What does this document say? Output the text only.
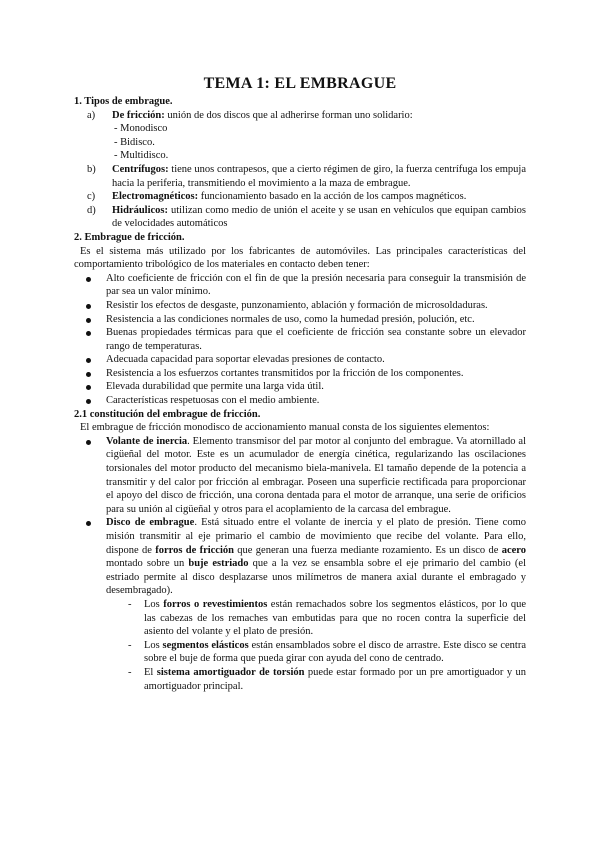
TEMA 1: EL EMBRAGUE

1. Tipos de embrague.

a) De fricción: unión de dos discos que al adherirse forman uno solidario:

- Monodisco

- Bidisco.

- Multidisco.

b) Centrífugos: tiene unos contrapesos, que a cierto régimen de giro, la fuerza centrífuga los empuja hacia la periferia, transmitiendo el movimiento a la maza de embrague.

c) Electromagnéticos: funcionamiento basado en la acción de los campos magnéticos.

d) Hidráulicos: utilizan como medio de unión el aceite y se usan en vehículos que equipan cambios de velocidades automáticos

2. Embrague de fricción.

Es el sistema más utilizado por los fabricantes de automóviles. Las principales características del comportamiento tribológico de los materiales en contacto deben tener:

Alto coeficiente de fricción con el fin de que la presión necesaria para conseguir la transmisión de par sea un valor mínimo.

Resistir los efectos de desgaste, punzonamiento, ablación y formación de microsoldaduras.

Resistencia a las condiciones normales de uso, como la humedad presión, polución, etc.

Buenas propiedades térmicas para que el coeficiente de fricción sea constante sobre un elevador rango de temperaturas.

Adecuada capacidad para soportar elevadas presiones de contacto.

Resistencia a los esfuerzos cortantes transmitidos por la fricción de los componentes.

Elevada durabilidad que permite una larga vida útil.

Características respetuosas con el medio ambiente.

2.1 constitución del embrague de fricción.

El embrague de fricción monodisco de accionamiento manual consta de los siguientes elementos:

Volante de inercia. Elemento transmisor del par motor al conjunto del embrague. Va atornillado al cigüeñal del motor. Este es un acumulador de energía cinética, regularizando las oscilaciones torsionales del motor producto del mecanismo biela-manivela. El tamaño depende de la potencia a transmitir y del calor por fricción al embragar. Poseen una superficie rectificada para proporcionar el apoyo del disco de fricción, una corona dentada para el motor de arranque, una serie de orificios para su unión al cigüeñal y otros para el acoplamiento de la carcasa del embrague.

Disco de embrague. Está situado entre el volante de inercia y el plato de presión. Tiene como misión transmitir al eje primario el cambio de movimiento que recibe del volante. Para ello, dispone de forros de fricción que generan una fuerza mediante rozamiento. Es un disco de acero montado sobre un buje estriado que a la vez se ensambla sobre el eje primario del cambio (el estriado permite al disco desplazarse unos milímetros de manera axial durante el embragado y desembragado).

- Los forros o revestimientos están remachados sobre los segmentos elásticos, por lo que las cabezas de los remaches van embutidas para que no rocen contra la superficie del asiento del volante y el plato de presión.

- Los segmentos elásticos están ensamblados sobre el disco de arrastre. Este disco se centra sobre el buje de forma que pueda girar con ayuda del cono de centrado.

- El sistema amortiguador de torsión puede estar formado por un pre amortiguador y un amortiguador principal.
